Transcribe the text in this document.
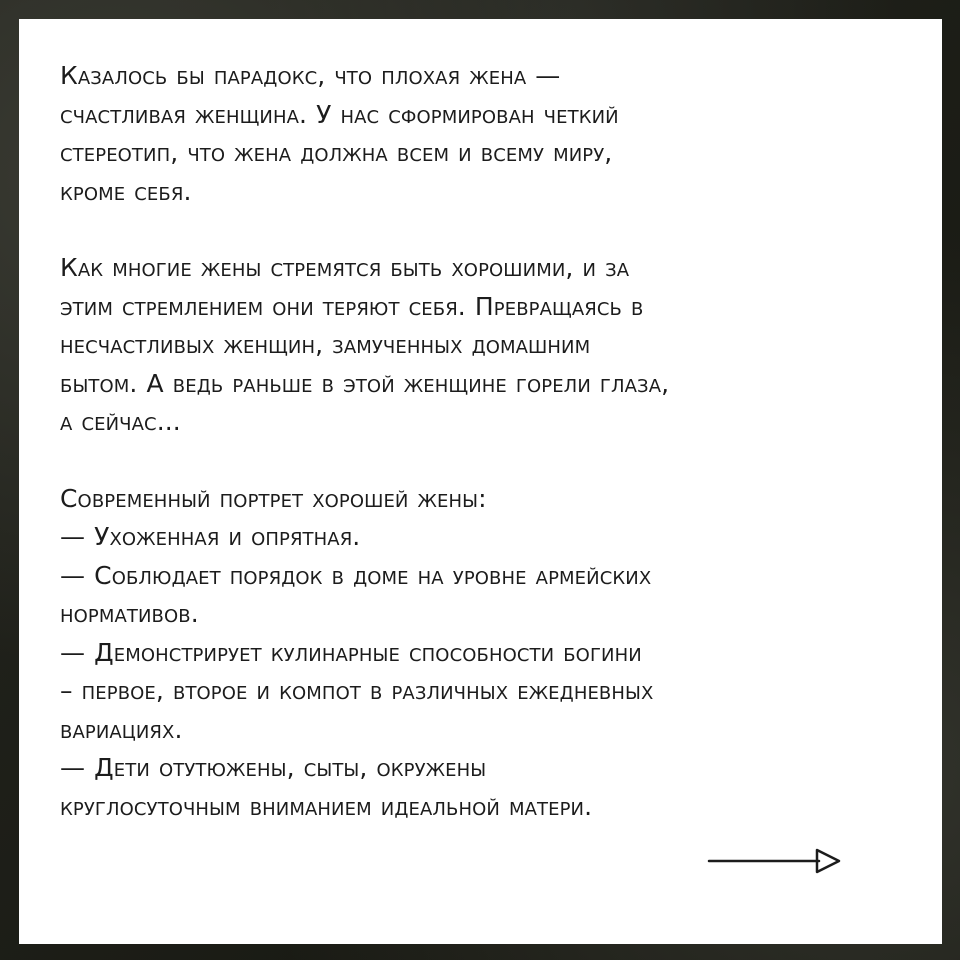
Казалось бы парадокс, что плохая жена —
счастливая женщина. У нас сформирован четкий
стереотип, что жена должна всем и всему миру,
кроме себя.

Как многие жены стремятся быть хорошими, и за
этим стремлением они теряют себя. Превращаясь в
несчастливых женщин, замученных домашним
бытом. А ведь раньше в этой женщине горели глаза,
а сейчас...

Современный портрет хорошей жены:
— Ухоженная и опрятная.
— Соблюдает порядок в доме на уровне армейских
нормативов.
— Демонстрирует кулинарные способности богини
– первое, второе и компот в различных ежедневных
вариациях.
— Дети отутюжены, сыты, окружены
круглосуточным вниманием идеальной матери.
